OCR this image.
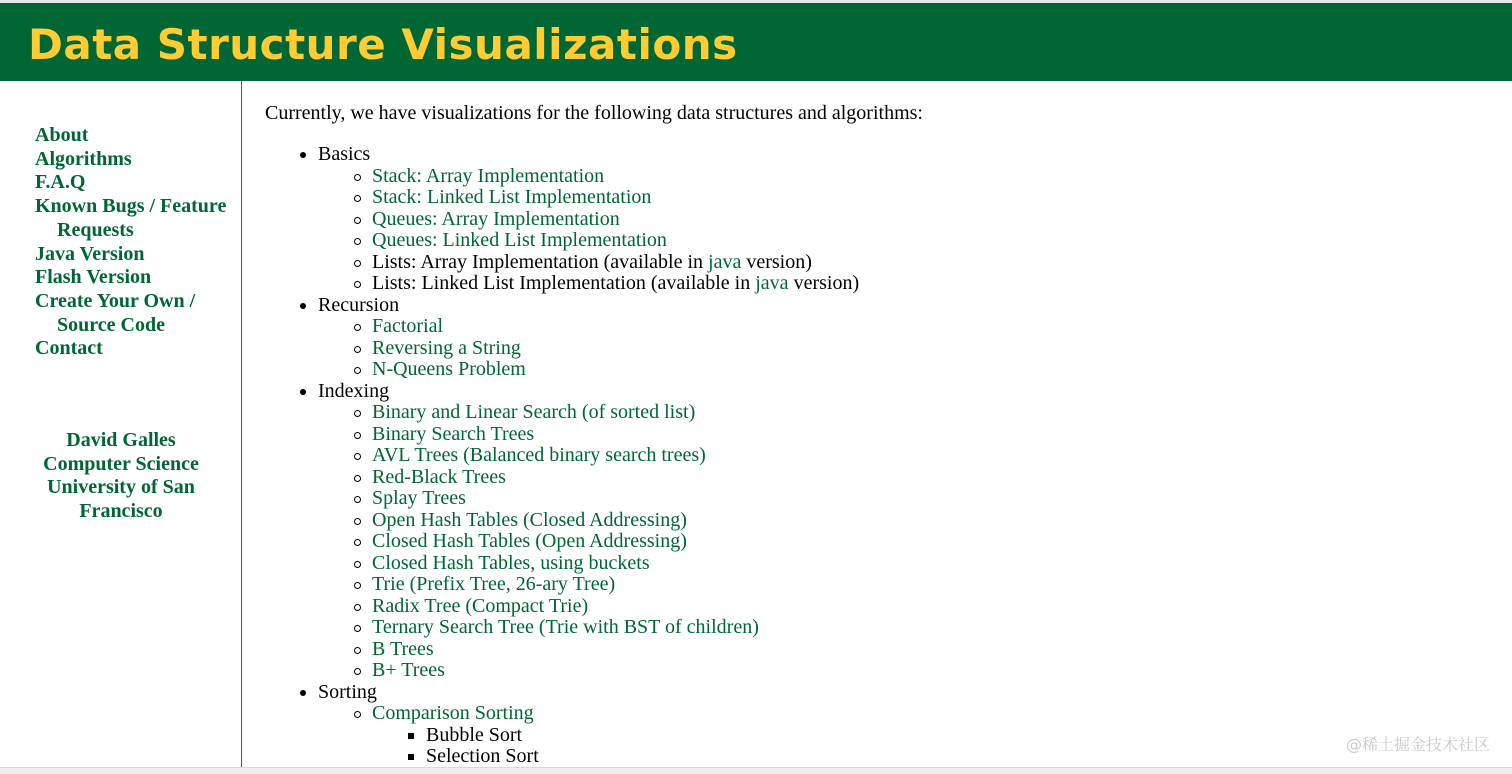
Data Structure Visualizations
About
Algorithms
F.A.Q
Known Bugs / Feature Requests
Java Version
Flash Version
Create Your Own / Source Code
Contact
David Galles
Computer Science
University of San
Francisco

Currently, we have visualizations for the following data structures and algorithms:

Basics
Stack: Array Implementation
Stack: Linked List Implementation
Queues: Array Implementation
Queues: Linked List Implementation
Lists: Array Implementation (available in java version)
Lists: Linked List Implementation (available in java version)
Recursion
Factorial
Reversing a String
N-Queens Problem
Indexing
Binary and Linear Search (of sorted list)
Binary Search Trees
AVL Trees (Balanced binary search trees)
Red-Black Trees
Splay Trees
Open Hash Tables (Closed Addressing)
Closed Hash Tables (Open Addressing)
Closed Hash Tables, using buckets
Trie (Prefix Tree, 26-ary Tree)
Radix Tree (Compact Trie)
Ternary Search Tree (Trie with BST of children)
B Trees
B+ Trees
Sorting
Comparison Sorting
Bubble Sort
Selection Sort
@稀土掘金技术社区
